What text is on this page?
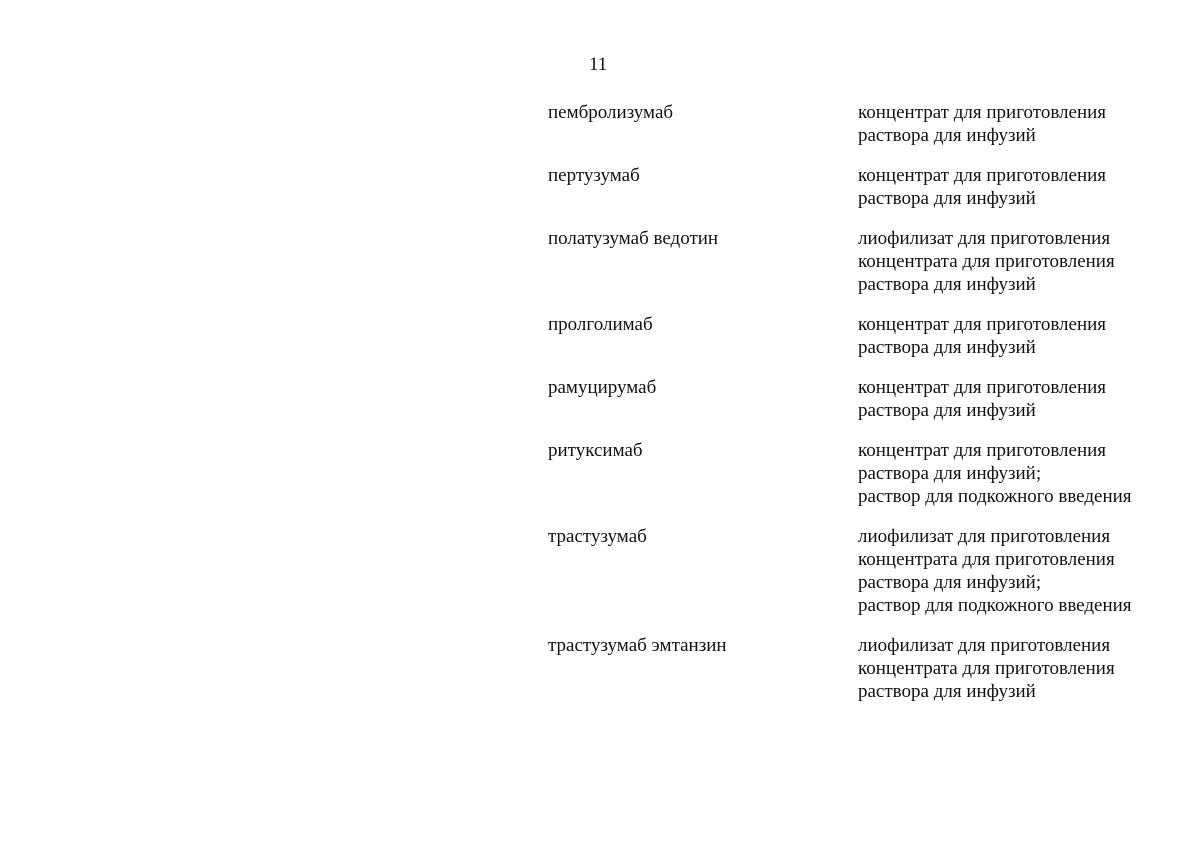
11
пембролизумаб	концентрат для приготовления
раствора для инфузий
пертузумаб	концентрат для приготовления
раствора для инфузий
полатузумаб ведотин	лиофилизат для приготовления
концентрата для приготовления
раствора для инфузий
пролголимаб	концентрат для приготовления
раствора для инфузий
рамуцирумаб	концентрат для приготовления
раствора для инфузий
ритуксимаб	концентрат для приготовления
раствора для инфузий;
раствор для подкожного введения
трастузумаб	лиофилизат для приготовления
концентрата для приготовления
раствора для инфузий;
раствор для подкожного введения
трастузумаб эмтанзин	лиофилизат для приготовления
концентрата для приготовления
раствора для инфузий
